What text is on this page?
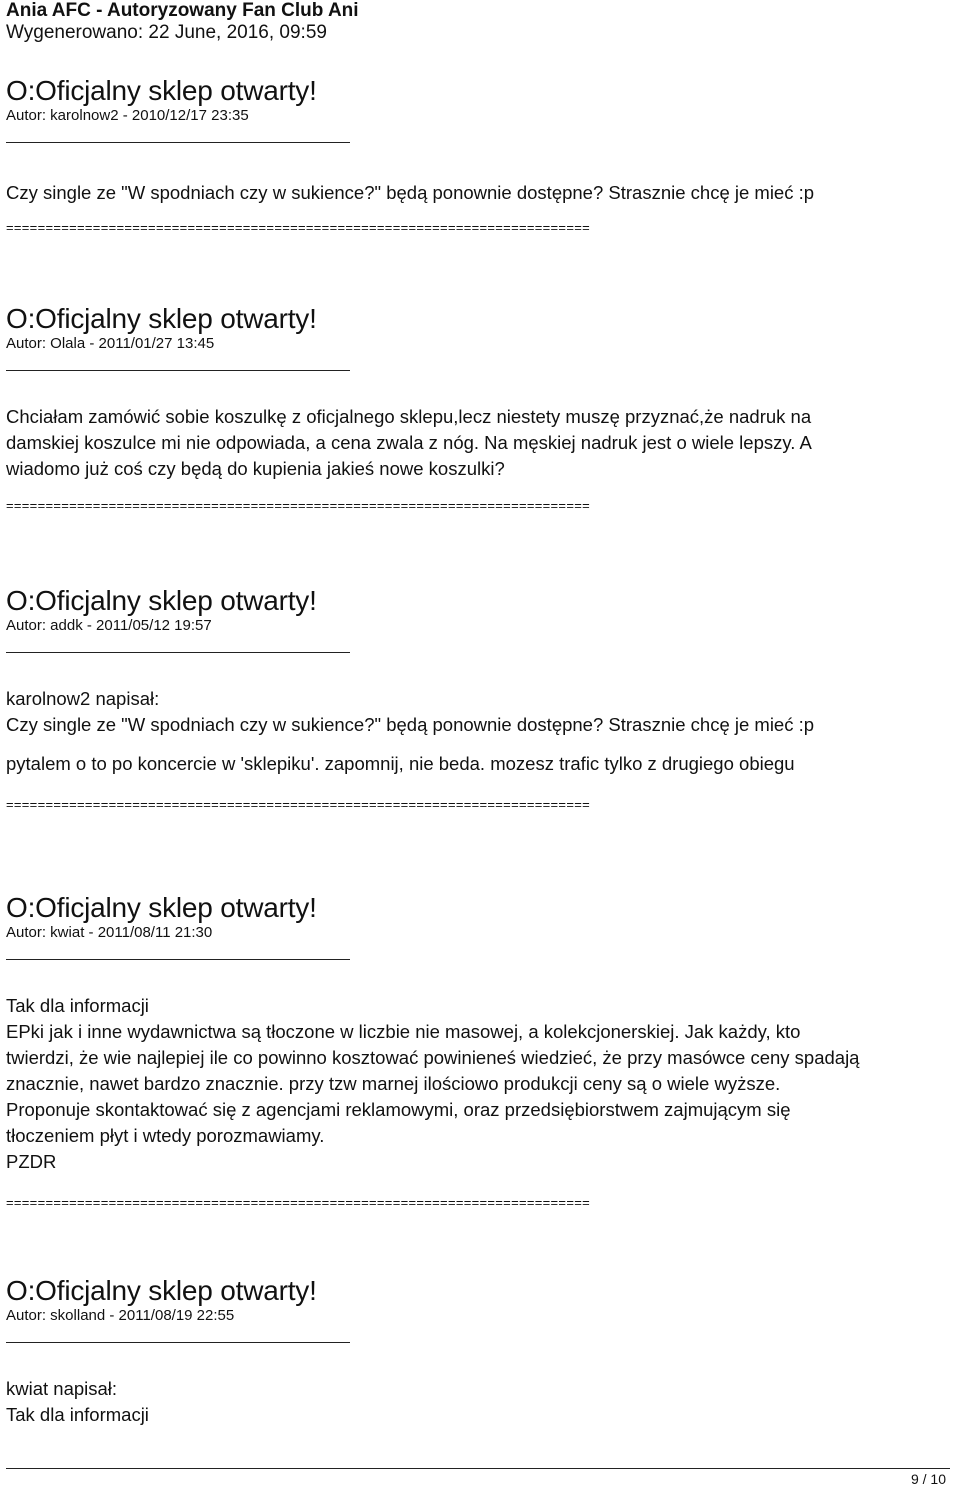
Ania AFC - Autoryzowany Fan Club Ani
Wygenerowano: 22 June, 2016, 09:59
O:Oficjalny sklep otwarty!
Autor: karolnow2 - 2010/12/17 23:35
Czy single ze "W spodniach czy w sukience?" będą ponownie dostępne? Strasznie chcę je mieć :p
==========================================================================
O:Oficjalny sklep otwarty!
Autor: Olala - 2011/01/27 13:45
Chciałam zamówić sobie koszulkę z oficjalnego sklepu,lecz niestety muszę przyznać,że nadruk na
damskiej koszulce mi nie odpowiada, a cena zwala z nóg. Na męskiej nadruk jest o wiele lepszy. A
wiadomo już coś czy będą do kupienia jakieś nowe koszulki?
==========================================================================
O:Oficjalny sklep otwarty!
Autor: addk - 2011/05/12 19:57
karolnow2 napisał:
Czy single ze "W spodniach czy w sukience?" będą ponownie dostępne? Strasznie chcę je mieć :p
pytalem o to po koncercie w 'sklepiku'. zapomnij, nie beda. mozesz trafic tylko z drugiego obiegu
==========================================================================
O:Oficjalny sklep otwarty!
Autor: kwiat - 2011/08/11 21:30
Tak dla informacji
EPki jak i inne wydawnictwa są tłoczone w liczbie nie masowej, a kolekcjonerskiej. Jak każdy, kto
twierdzi, że wie najlepiej ile co powinno kosztować powinieneś wiedzieć, że przy masówce ceny spadają
znacznie, nawet bardzo znacznie. przy tzw marnej ilościowo produkcji ceny są o wiele wyższe.
Proponuje skontaktować się z agencjami reklamowymi, oraz przedsiębiorstwem zajmującym się
tłoczeniem płyt i wtedy porozmawiamy.
PZDR
==========================================================================
O:Oficjalny sklep otwarty!
Autor: skolland - 2011/08/19 22:55
kwiat napisał:
Tak dla informacji
9 / 10
